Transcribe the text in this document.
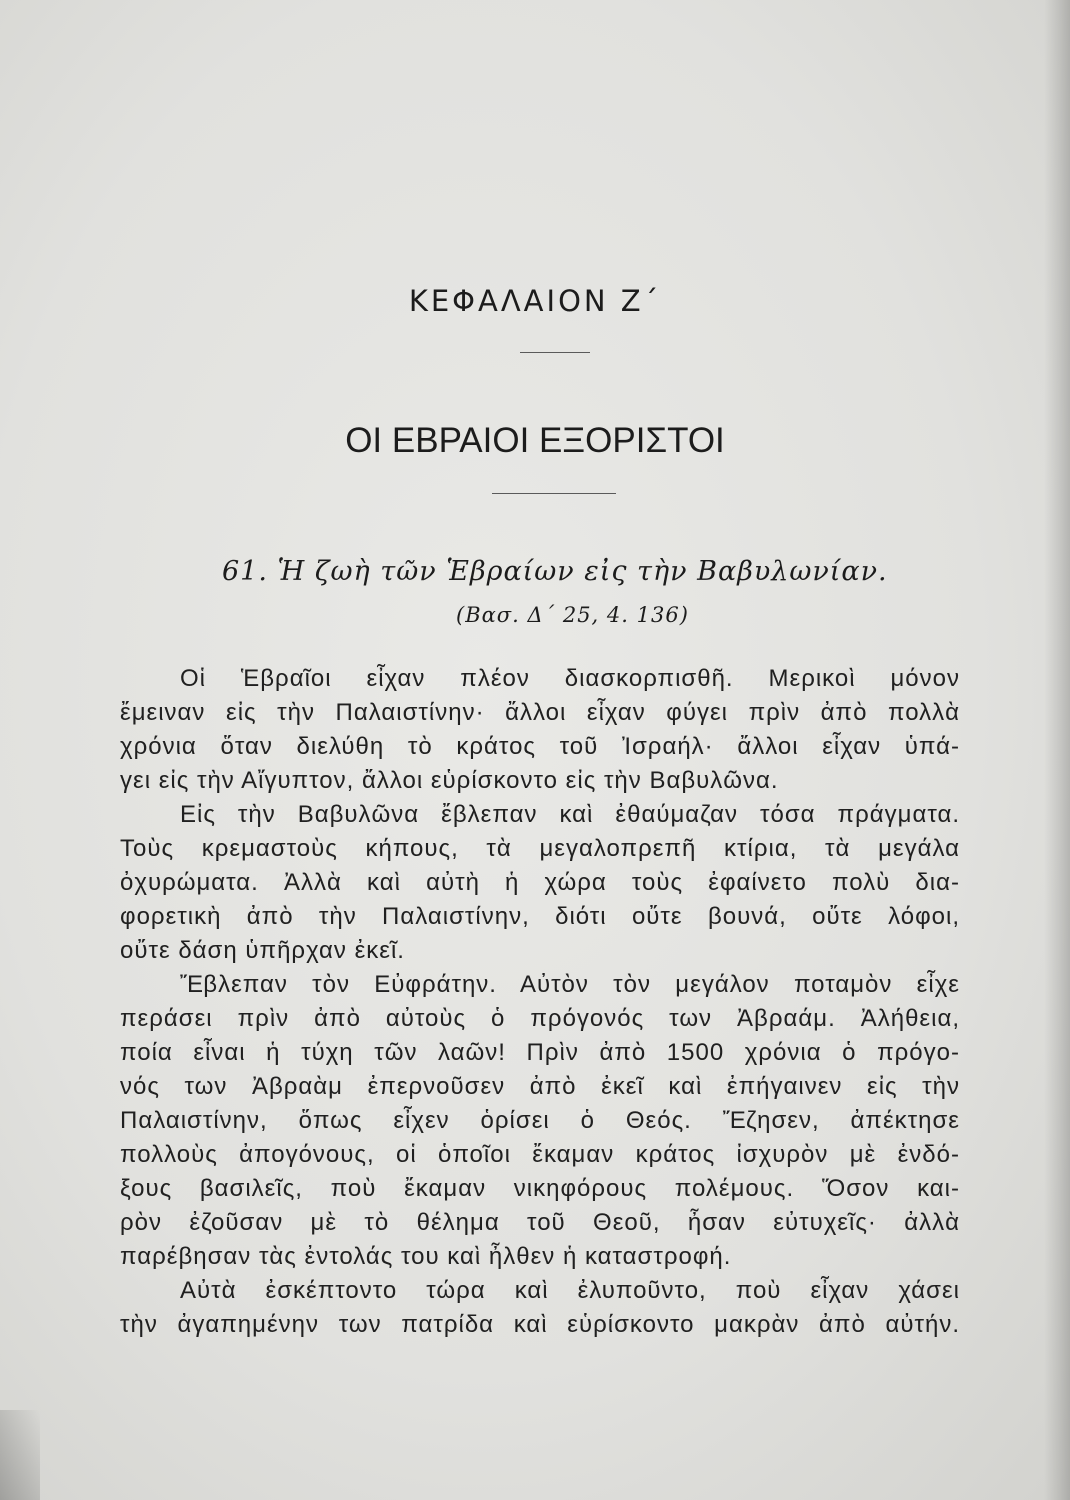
ΚΕΦΑΛΑΙΟΝ Ζ΄
ΟΙ ΕΒΡΑΙΟΙ ΕΞΟΡΙΣΤΟΙ
61. Ἡ ζωὴ τῶν Ἑβραίων εἰς τὴν Βαβυλωνίαν.
(Βασ. Δ΄ 25, 4. 136)
Οἱ Ἑβραῖοι εἶχαν πλέον διασκορπισθῆ. Μερικοὶ μόνον
ἔμειναν εἰς τὴν Παλαιστίνην· ἄλλοι εἶχαν φύγει πρὶν ἀπὸ πολλὰ
χρόνια ὅταν διελύθη τὸ κράτος τοῦ Ἰσραήλ· ἄλλοι εἶχαν ὑπά-
γει εἰς τὴν Αἴγυπτον, ἄλλοι εὑρίσκοντο εἰς τὴν Βαβυλῶνα.
Εἰς τὴν Βαβυλῶνα ἔβλεπαν καὶ ἐθαύμαζαν τόσα πράγματα.
Τοὺς κρεμαστοὺς κήπους, τὰ μεγαλοπρεπῆ κτίρια, τὰ μεγάλα
ὀχυρώματα. Ἀλλὰ καὶ αὐτὴ ἡ χώρα τοὺς ἐφαίνετο πολὺ δια-
φορετικὴ ἀπὸ τὴν Παλαιστίνην, διότι οὔτε βουνά, οὔτε λόφοι,
οὔτε δάση ὑπῆρχαν ἐκεῖ.
Ἔβλεπαν τὸν Εὐφράτην. Αὐτὸν τὸν μεγάλον ποταμὸν εἶχε
περάσει πρὶν ἀπὸ αὐτοὺς ὁ πρόγονός των Ἀβραάμ. Ἀλήθεια,
ποία εἶναι ἡ τύχη τῶν λαῶν! Πρὶν ἀπὸ 1500 χρόνια ὁ πρόγο-
νός των Ἀβραὰμ ἐπερνοῦσεν ἀπὸ ἐκεῖ καὶ ἐπήγαινεν εἰς τὴν
Παλαιστίνην, ὅπως εἶχεν ὁρίσει ὁ Θεός. Ἔζησεν, ἀπέκτησε
πολλοὺς ἀπογόνους, οἱ ὁποῖοι ἔκαμαν κράτος ἰσχυρὸν μὲ ἐνδό-
ξους βασιλεῖς, ποὺ ἔκαμαν νικηφόρους πολέμους. Ὅσον και-
ρὸν ἐζοῦσαν μὲ τὸ θέλημα τοῦ Θεοῦ, ἦσαν εὐτυχεῖς· ἀλλὰ
παρέβησαν τὰς ἐντολάς του καὶ ἦλθεν ἡ καταστροφή.
Αὐτὰ ἐσκέπτοντο τώρα καὶ ἐλυποῦντο, ποὺ εἶχαν χάσει
τὴν ἀγαπημένην των πατρίδα καὶ εὑρίσκοντο μακρὰν ἀπὸ αὐτήν.
